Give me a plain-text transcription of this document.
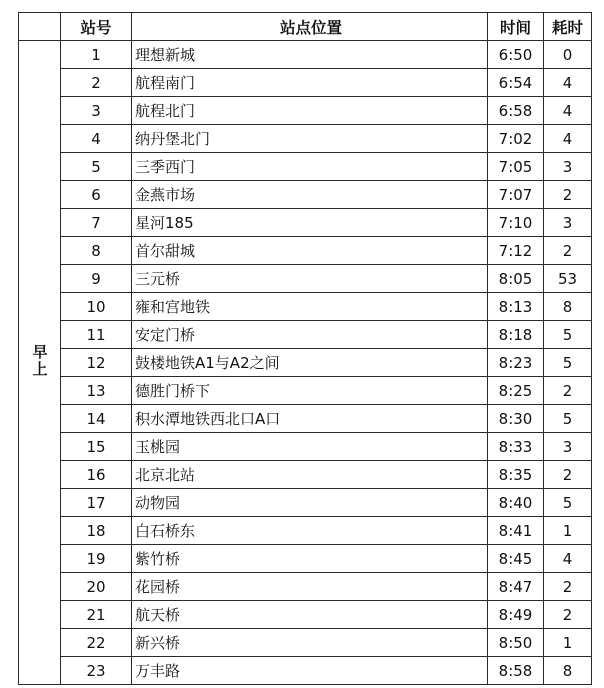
	站号	站点位置	时间	耗时
早上	1	理想新城	6:50	0
	2	航程南门	6:54	4
	3	航程北门	6:58	4
	4	纳丹堡北门	7:02	4
	5	三季西门	7:05	3
	6	金燕市场	7:07	2
	7	星河185	7:10	3
	8	首尔甜城	7:12	2
	9	三元桥	8:05	53
	10	雍和宫地铁	8:13	8
	11	安定门桥	8:18	5
	12	鼓楼地铁A1与A2之间	8:23	5
	13	德胜门桥下	8:25	2
	14	积水潭地铁西北口A口	8:30	5
	15	玉桃园	8:33	3
	16	北京北站	8:35	2
	17	动物园	8:40	5
	18	白石桥东	8:41	1
	19	紫竹桥	8:45	4
	20	花园桥	8:47	2
	21	航天桥	8:49	2
	22	新兴桥	8:50	1
	23	万丰路	8:58	8
